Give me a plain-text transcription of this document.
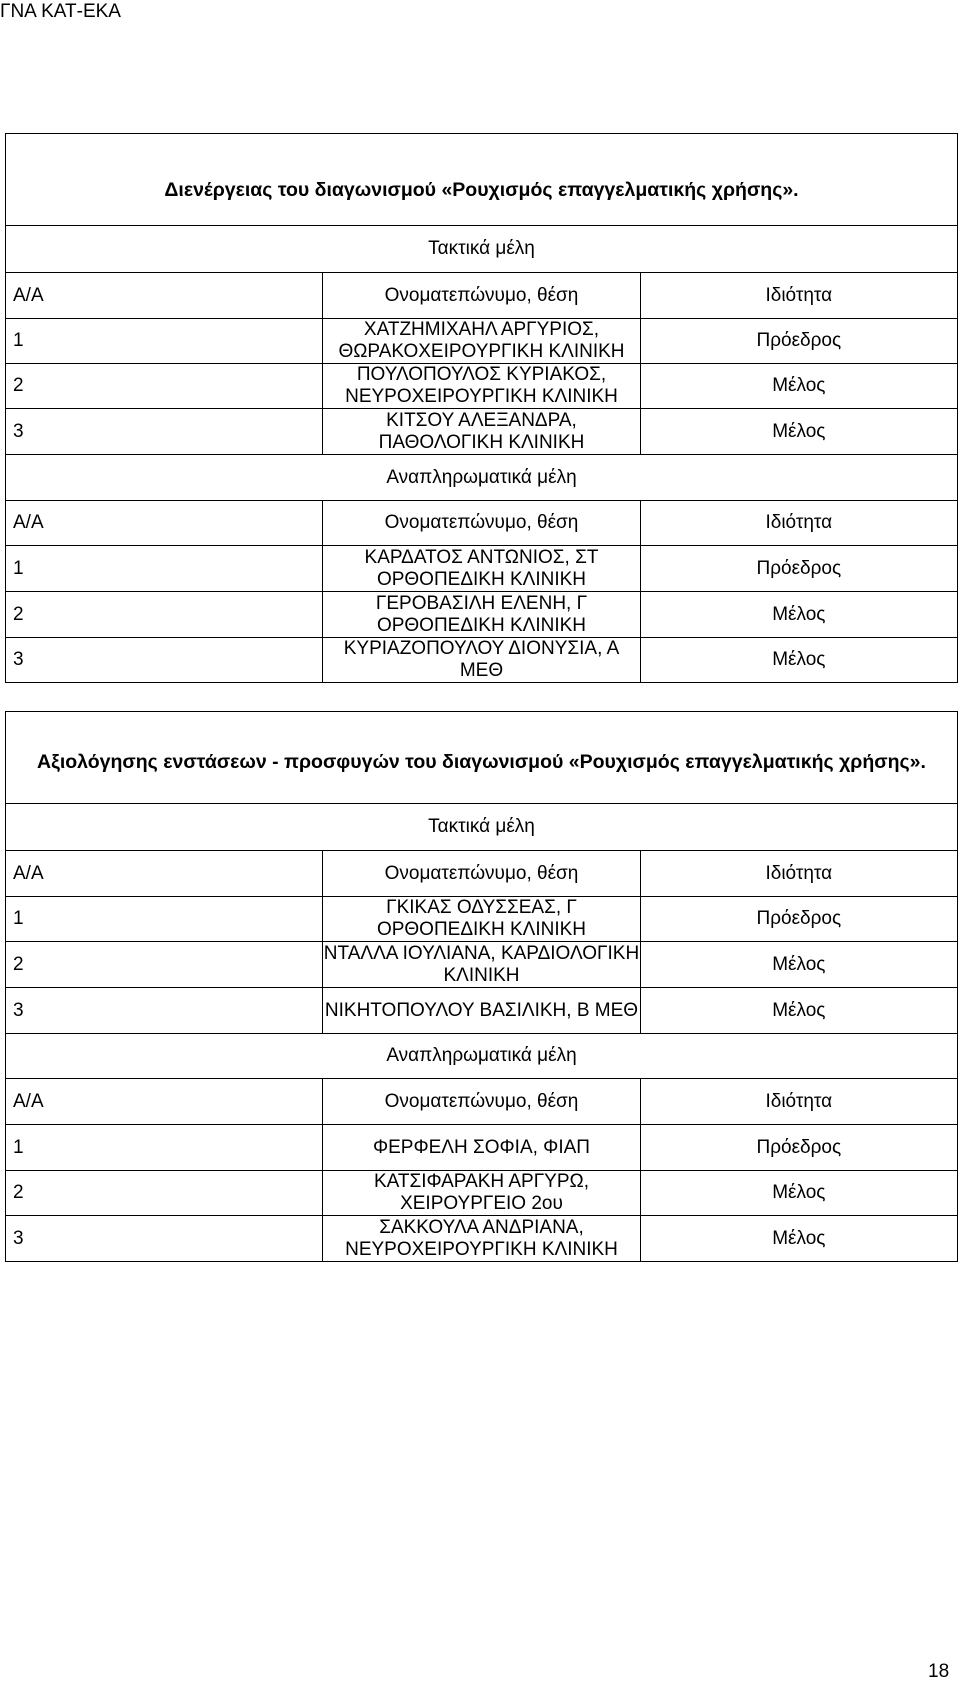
ΓΝΑ ΚΑΤ-ΕΚΑ
Διενέργειας του διαγωνισμού «Ρουχισμός επαγγελματικής χρήσης».		
Τακτικά μέλη		
Α/Α	Ονοματεπώνυμο, θέση	Ιδιότητα
1	ΧΑΤΖΗΜΙΧΑΗΛ ΑΡΓΥΡΙΟΣ, ΘΩΡΑΚΟΧΕΙΡΟΥΡΓΙΚΗ ΚΛΙΝΙΚΗ	Πρόεδρος
2	ΠΟΥΛΟΠΟΥΛΟΣ ΚΥΡΙΑΚΟΣ, ΝΕΥΡΟΧΕΙΡΟΥΡΓΙΚΗ ΚΛΙΝΙΚΗ	Μέλος
3	ΚΙΤΣΟΥ ΑΛΕΞΑΝΔΡΑ, ΠΑΘΟΛΟΓΙΚΗ ΚΛΙΝΙΚΗ	Μέλος
Αναπληρωματικά μέλη		
Α/Α	Ονοματεπώνυμο, θέση	Ιδιότητα
1	ΚΑΡΔΑΤΟΣ ΑΝΤΩΝΙΟΣ, ΣΤ ΟΡΘΟΠΕΔΙΚΗ ΚΛΙΝΙΚΗ	Πρόεδρος
2	ΓΕΡΟΒΑΣΙΛΗ ΕΛΕΝΗ, Γ ΟΡΘΟΠΕΔΙΚΗ ΚΛΙΝΙΚΗ	Μέλος
3	ΚΥΡΙΑΖΟΠΟΥΛΟΥ ΔΙΟΝΥΣΙΑ, Α ΜΕΘ	Μέλος
Αξιολόγησης ενστάσεων - προσφυγών του διαγωνισμού «Ρουχισμός επαγγελματικής χρήσης».		
Τακτικά μέλη		
Α/Α	Ονοματεπώνυμο, θέση	Ιδιότητα
1	ΓΚΙΚΑΣ ΟΔΥΣΣΕΑΣ, Γ ΟΡΘΟΠΕΔΙΚΗ ΚΛΙΝΙΚΗ	Πρόεδρος
2	ΝΤΑΛΛΑ ΙΟΥΛΙΑΝΑ, ΚΑΡΔΙΟΛΟΓΙΚΗ ΚΛΙΝΙΚΗ	Μέλος
3	ΝΙΚΗΤΟΠΟΥΛΟΥ ΒΑΣΙΛΙΚΗ, Β ΜΕΘ	Μέλος
Αναπληρωματικά μέλη		
Α/Α	Ονοματεπώνυμο, θέση	Ιδιότητα
1	ΦΕΡΦΕΛΗ ΣΟΦΙΑ, ΦΙΑΠ	Πρόεδρος
2	ΚΑΤΣΙΦΑΡΑΚΗ ΑΡΓΥΡΩ, ΧΕΙΡΟΥΡΓΕΙΟ 2ου	Μέλος
3	ΣΑΚΚΟΥΛΑ ΑΝΔΡΙΑΝΑ, ΝΕΥΡΟΧΕΙΡΟΥΡΓΙΚΗ ΚΛΙΝΙΚΗ	Μέλος
18
